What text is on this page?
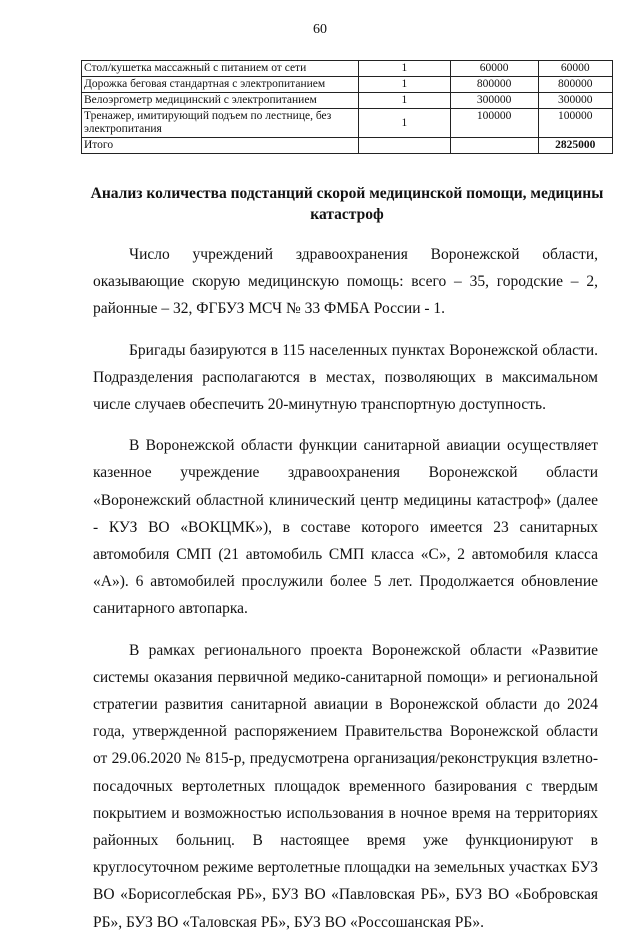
60
Стол/кушетка массажный с питанием от сети	1	60000	60000
Дорожка беговая стандартная с электропитанием	1	800000	800000
Велоэргометр медицинский с электропитанием	1	300000	300000
Тренажер, имитирующий подъем по лестнице, без электропитания	1	100000	100000
Итого			2825000
Анализ количества подстанций скорой медицинской помощи, медицины катастроф

Число учреждений здравоохранения Воронежской области, оказывающие скорую медицинскую помощь: всего – 35, городские – 2, районные – 32, ФГБУЗ МСЧ № 33 ФМБА России - 1.

Бригады базируются в 115 населенных пунктах Воронежской области. Подразделения располагаются в местах, позволяющих в максимальном числе случаев обеспечить 20-минутную транспортную доступность.

В Воронежской области функции санитарной авиации осуществляет казенное учреждение здравоохранения Воронежской области «Воронежский областной клинический центр медицины катастроф» (далее - КУЗ ВО «ВОКЦМК»), в составе которого имеется 23 санитарных автомобиля СМП (21 автомобиль СМП класса «С», 2 автомобиля класса «А»). 6 автомобилей прослужили более 5 лет. Продолжается обновление санитарного автопарка.

В рамках регионального проекта Воронежской области «Развитие системы оказания первичной медико-санитарной помощи» и региональной стратегии развития санитарной авиации в Воронежской области до 2024 года, утвержденной распоряжением Правительства Воронежской области от 29.06.2020 № 815-р, предусмотрена организация/реконструкция взлетно-посадочных вертолетных площадок временного базирования с твердым покрытием и возможностью использования в ночное время на территориях районных больниц. В настоящее время уже функционируют в круглосуточном режиме вертолетные площадки на земельных участках БУЗ ВО «Борисоглебская РБ», БУЗ ВО «Павловская РБ», БУЗ ВО «Бобровская РБ», БУЗ ВО «Таловская РБ», БУЗ ВО «Россошанская РБ».
